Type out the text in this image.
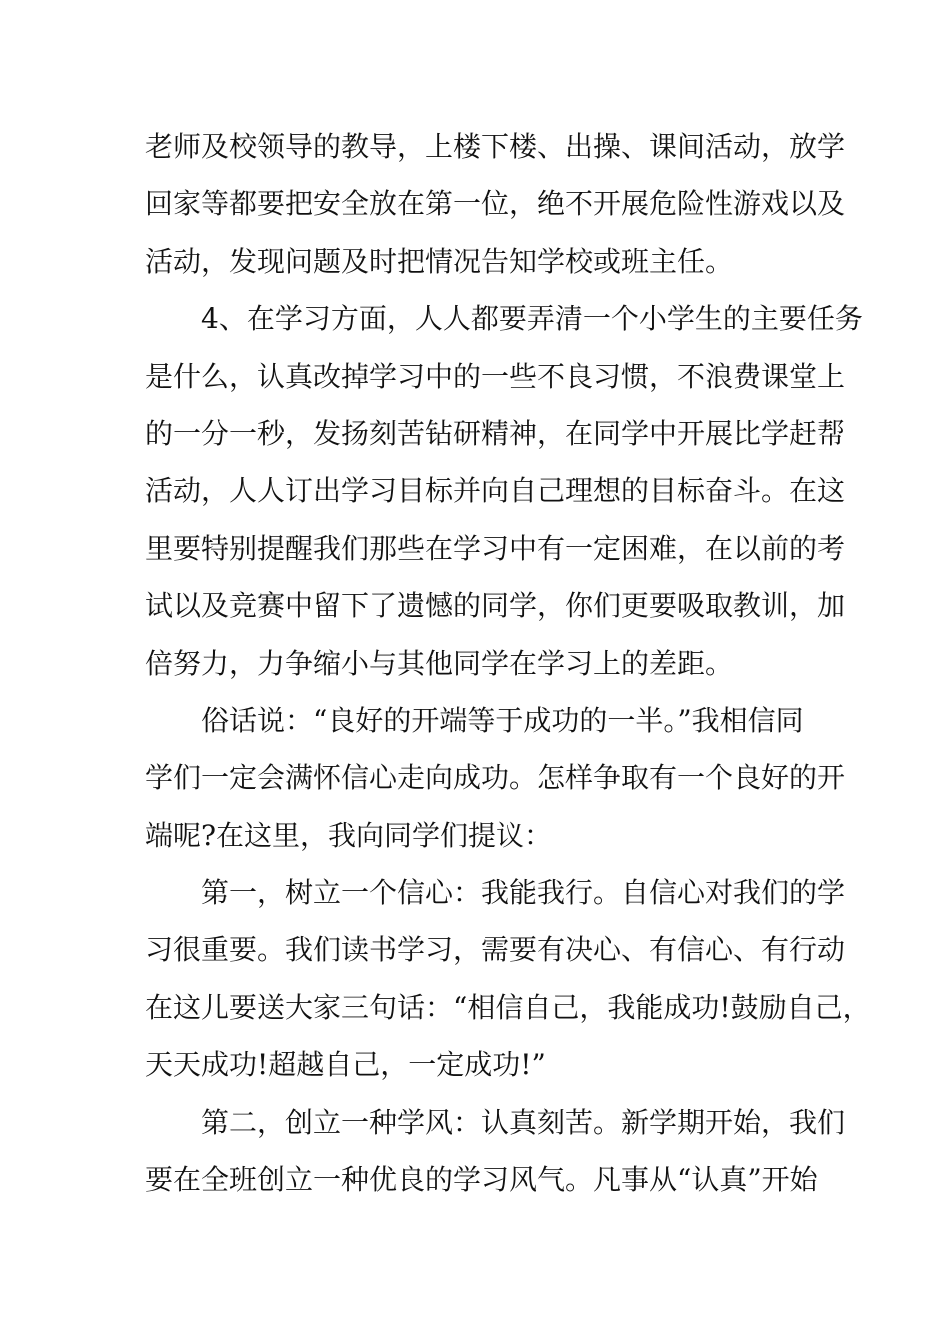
老师及校领导的教导，上楼下楼、出操、课间活动，放学
回家等都要把安全放在第一位，绝不开展危险性游戏以及
活动，发现问题及时把情况告知学校或班主任。
　　4、在学习方面，人人都要弄清一个小学生的主要任务
是什么，认真改掉学习中的一些不良习惯，不浪费课堂上
的一分一秒，发扬刻苦钻研精神，在同学中开展比学赶帮
活动，人人订出学习目标并向自己理想的目标奋斗。在这
里要特别提醒我们那些在学习中有一定困难，在以前的考
试以及竞赛中留下了遗憾的同学，你们更要吸取教训，加
倍努力，力争缩小与其他同学在学习上的差距。
　　俗话说：“良好的开端等于成功的一半。”我相信同
学们一定会满怀信心走向成功。怎样争取有一个良好的开
端呢?在这里，我向同学们提议：
　　第一，树立一个信心：我能我行。自信心对我们的学
习很重要。我们读书学习，需要有决心、有信心、有行动
在这儿要送大家三句话：“相信自己，我能成功!鼓励自己，
天天成功!超越自己，一定成功!”
　　第二，创立一种学风：认真刻苦。新学期开始，我们
要在全班创立一种优良的学习风气。凡事从“认真”开始
